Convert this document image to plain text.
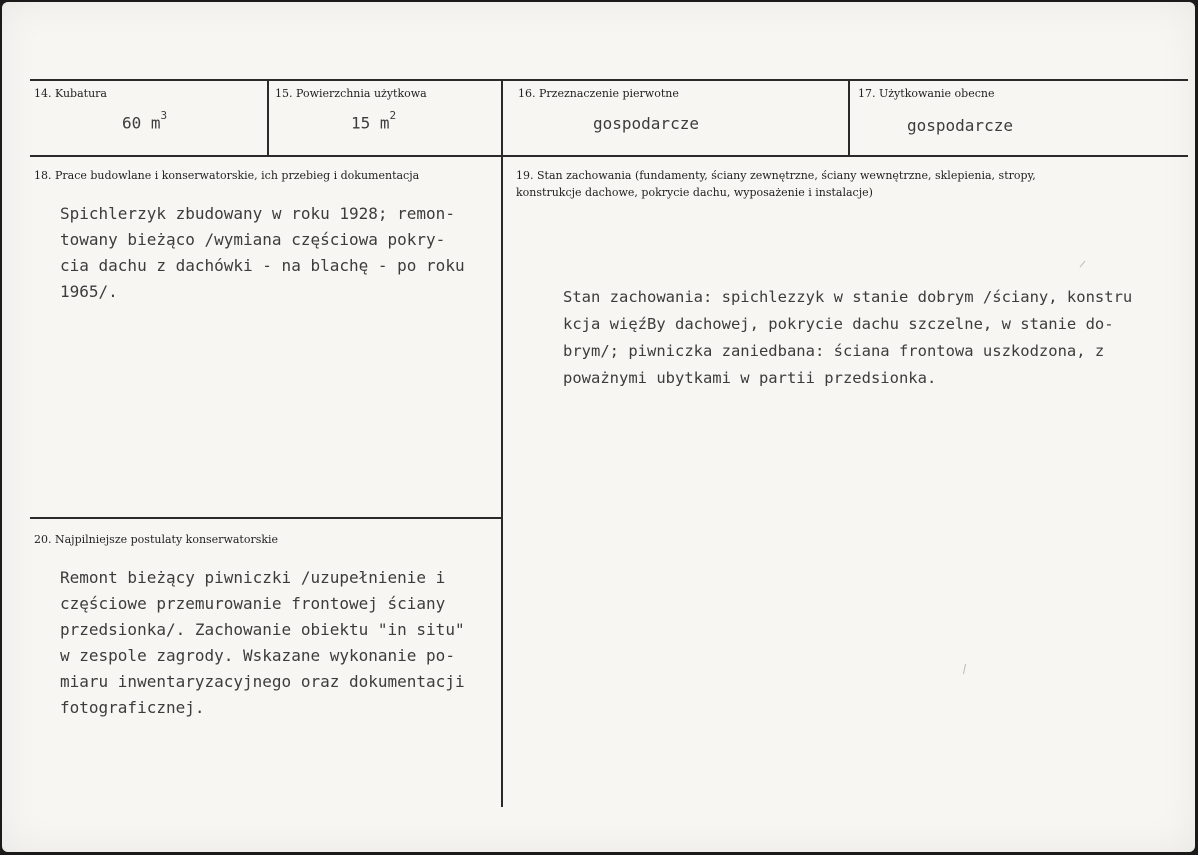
14. Kubatura
60 $m^3$
15. Powierzchnia użytkowa
15 $m^2$
16. Przeznaczenie pierwotne
gospodarcze
17. Użytkowanie obecne
gospodarcze
18. Prace budowlane i konserwatorskie, ich przebieg i dokumentacja
Spichlerzyk zbudowany w roku 1928; remon-
towany bieżąco /wymiana częściowa pokry-
cia dachu z dachówki - na blachę - po roku
1965/.
19. Stan zachowania (fundamenty, ściany zewnętrzne, ściany wewnętrzne, sklepienia, stropy,
konstrukcje dachowe, pokrycie dachu, wyposażenie i instalacje)
Stan zachowania: spichlezzyk w stanie dobrym /ściany, konstru
kcja więźBy dachowej, pokrycie dachu szczelne, w stanie do-
brym/; piwniczka zaniedbana: ściana frontowa uszkodzona, z
poważnymi ubytkami w partii przedsionka.
20. Najpilniejsze postulaty konserwatorskie
Remont bieżący piwniczki /uzupełnienie i
częściowe przemurowanie frontowej ściany
przedsionka/. Zachowanie obiektu "in situ"
w zespole zagrody. Wskazane wykonanie po-
miaru inwentaryzacyjnego oraz dokumentacji
fotograficznej.
